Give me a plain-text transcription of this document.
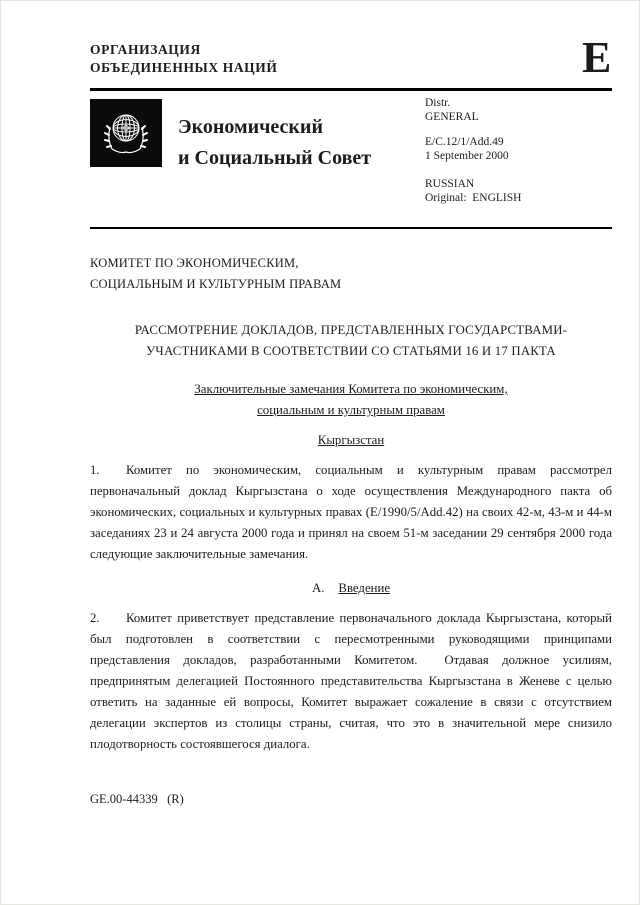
ОРГАНИЗАЦИЯ
ОБЪЕДИНЕННЫХ НАЦИЙ	E
Экономический
и Социальный Совет
Distr.
GENERAL
E/C.12/1/Add.49
1 September 2000
RUSSIAN
Original:  ENGLISH
КОМИТЕТ ПО ЭКОНОМИЧЕСКИМ,
СОЦИАЛЬНЫМ И КУЛЬТУРНЫМ ПРАВАМ
РАССМОТРЕНИЕ ДОКЛАДОВ, ПРЕДСТАВЛЕННЫХ ГОСУДАРСТВАМИ-
УЧАСТНИКАМИ В СООТВЕТСТВИИ СО СТАТЬЯМИ 16 И 17 ПАКТА
Заключительные замечания Комитета по экономическим,
социальным и культурным правам
Кыргызстан

1. Комитет по экономическим, социальным и культурным правам рассмотрел первоначальный доклад Кыргызстана о ходе осуществления Международного пакта об экономических, социальных и культурных правах (E/1990/5/Add.42) на своих 42-м, 43-м и 44-м заседаниях 23 и 24 августа 2000 года и принял на своем 51-м заседании 29 сентября 2000 года следующие заключительные замечания.

A. Введение

2. Комитет приветствует представление первоначального доклада Кыргызстана, который был подготовлен в соответствии с пересмотренными руководящими принципами представления докладов, разработанными Комитетом.  Отдавая должное усилиям, предпринятым делегацией Постоянного представительства Кыргызстана в Женеве с целью ответить на заданные ей вопросы, Комитет выражает сожаление в связи с отсутствием делегации экспертов из столицы страны, считая, что это в значительной мере снизило плодотворность состоявшегося диалога.

GE.00-44339   (R)
